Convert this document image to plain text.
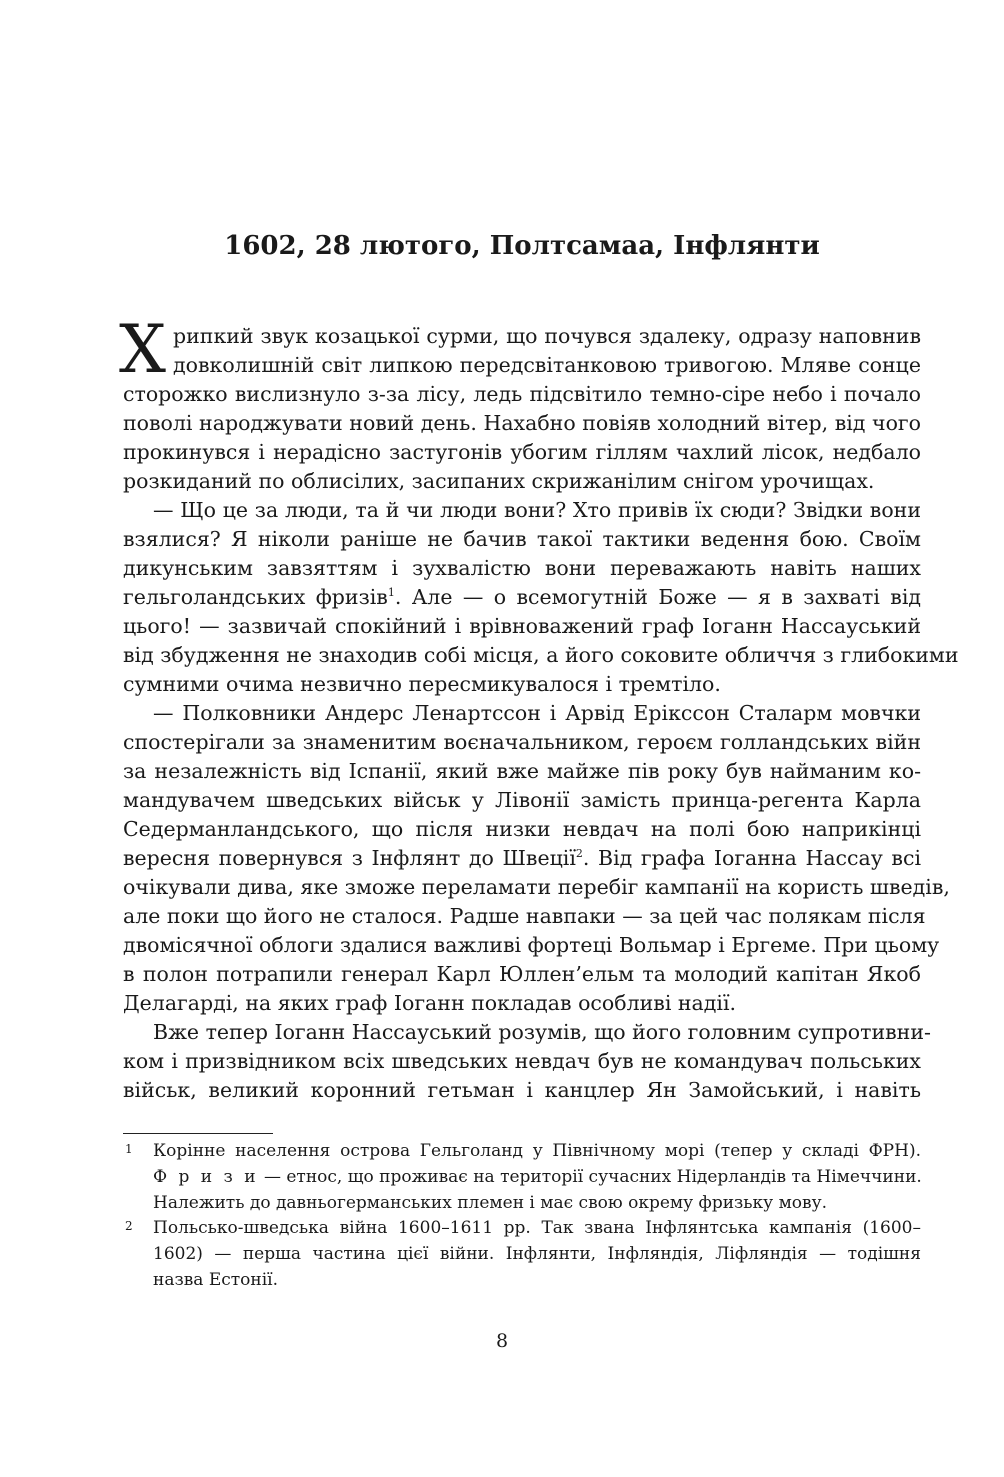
1602, 28 лютого, Полтсамаа, Інфлянти
Х рипкий звук козацької сурми, що почувся здалеку, одразу наповнив
довколишній світ липкою передсвітанковою тривогою. Мляве сонце
сторожко вислизнуло з-за лісу, ледь підсвітило темно-сіре небо і почало
поволі народжувати новий день. Нахабно повіяв холодний вітер, від чого
прокинувся і нерадісно застугонів убогим гіллям чахлий лісок, недбало
розкиданий по облисілих, засипаних скрижанілим снігом урочищах.
— Що це за люди, та й чи люди вони? Хто привів їх сюди? Звідки вони
взялися? Я ніколи раніше не бачив такої тактики ведення бою. Своїм
дикунським завзяттям і зухвалістю вони переважають навіть наших
гельголандських фризів$^1$. Але — о всемогутній Боже — я в захваті від
цього! — зазвичай спокійний і врівноважений граф Іоганн Нассауський
від збудження не знаходив собі місця, а його соковите обличчя з глибокими
сумними очима незвично пересмикувалося і тремтіло.
— Полковники Андерс Ленартссон і Арвід Ерікссон Сталарм мовчки
спостерігали за знаменитим воєначальником, героєм голландських війн
за незалежність від Іспанії, який вже майже пів року був найманим ко-
мандувачем шведських військ у Лівонії замість принца-регента Карла
Седерманландського, що після низки невдач на полі бою наприкінці
вересня повернувся з Інфлянт до Швеції$^2$. Від графа Іоганна Нассау всі
очікували дива, яке зможе переламати перебіг кампанії на користь шведів,
але поки що його не сталося. Радше навпаки — за цей час полякам після
двомісячної облоги здалися важливі фортеці Вольмар і Ергеме. При цьому
в полон потрапили генерал Карл Юллен’ельм та молодий капітан Якоб
Делагарді, на яких граф Іоганн покладав особливі надії.
Вже тепер Іоганн Нассауський розумів, що його головним супротивни-
ком і призвідником всіх шведських невдач був не командувач польських
військ, великий коронний гетьман і канцлер Ян Замойський, і навіть
1	Корінне населення острова Гельголанд у Північному морі (тепер у складі ФРН).
Ф р и з и — етнос, що проживає на території сучасних Нідерландів та Німеччини.
Належить до давньогерманських племен і має свою окрему фризьку мову.
2	Польсько-шведська війна 1600–1611 рр. Так звана Інфлянтська кампанія (1600–
1602) — перша частина цієї війни. Інфлянти, Інфляндія, Ліфляндія — тодішня
назва Естонії.
8
